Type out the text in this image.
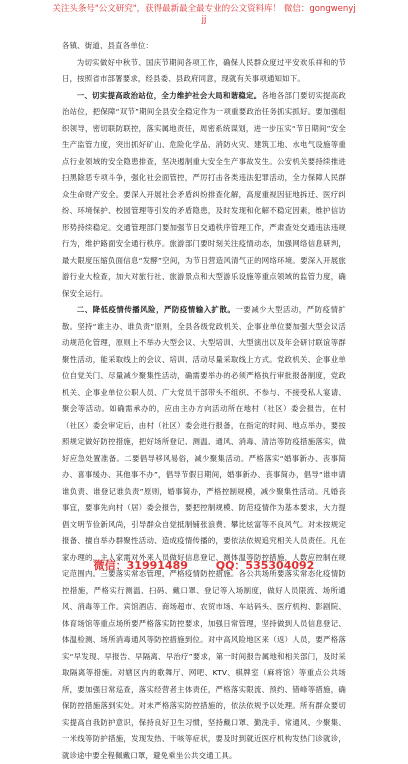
关注头条号"公文研究"，获得最新最全最专业的公文资料库！ 微信：gongwenyj
jj

各镇、街道、县直各单位：

为切实做好中秋节、国庆节期间各项工作，确保人民群众度过平安欢乐祥和的节日，按照省市部署要求，经县委、县政府同意，现就有关事项通知如下。

一、切实提高政治站位，全力维护社会大局和谐稳定。各地各部门要切实提高政治站位，把保障“双节”期间全县安全稳定作为一项重要政治任务抓实抓好。要加强组织领导，密切联防联控，落实属地责任，周密系统谋划，进一步压实“节日期间”安全生产监管力度，突出抓好矿山、危险化学品、消防火灾、建筑工地、水电气设施等重点行业领域的安全隐患排查，坚决遏制重大安全生产事故发生。公安机关要持续推进扫黑除恶专项斗争，强化社会面管控，严厉打击各类违法犯罪活动，全力保障人民群众生命财产安全。要深入开展社会矛盾纠纷排查化解，高度重视因征地拆迁、医疗纠纷、环境保护、校园管理等引发的矛盾隐患，及时发现和化解不稳定因素，维护信访形势持续稳定。交通管理部门要加强节日交通秩序管理工作，严肃查处交通违法违规行为，维护路面安全通行秩序。旅游部门要时刻关注疫情动态，加强网络信息研判，最大限度压缩负面信息“发酵”空间，为节日营造风清气正的网络环境。要深入开展旅游行业大检查，加大对旅行社、旅游景点和大型游乐设施等重点领域的监管力度，确保安全运行。

二、降低疫情传播风险，严防疫情输入扩散。一要减少大型活动，严防疫情扩散。坚持“谁主办、谁负责”原则，全县各级党政机关、企事业单位要加强大型会议活动规范化管理，原则上不举办大型会议、大型培训、大型演出以及年会研讨联谊等群聚性活动，能采取线上的会议、培训、活动尽量采取线上方式。党政机关、企事业单位自觉关门、尽量减少聚集性活动，确需要举办的必须严格执行审批报备制度，党政机关、企事业单位公职人员、广大党员干部带头不组织、不参与、不接受私人宴请、聚会等活动。如确需承办的，应由主办方向活动所在地村（社区）委会报告，在村（社区）委会审定后，由村（社区）委会进行报备，在指定的时间、地点举办，要按照规定做好防控措施，把好场所登记、测温、通风、消毒、清洁等防疫措施落实，做好应急处置准备。二要倡导移风易俗，减少聚集活动。严格落实“婚事新办、丧事简办、喜事缓办、其他事不办”，倡导节假日期间，婚事新办、丧事简办，倡导“谁申请谁负责、谁登记谁负责”原则，婚事简办，严格控制规模，减少聚集性活动。凡婚丧事宜，要事先向村（居）委会报告，要把控制规模、防范疫情作为基本要求，大力提倡文明节俭新风尚，引导群众自觉抵制铺张浪费、攀比炫富等不良风气。对未按规定报备、擅自举办群聚性活动、造成疫情传播的，要依法依规追究相关人员责任。凡在家办理的，主人家需对外来人员做好信息登记、测体温等防控措施，人数应控制在规定范围内。三要落实常态管理，严格疫情防控措施。各公共场所要落实常态化疫情防控措施，严格实行测温、扫码、戴口罩、登记等入场制度，做好人员限流、场所通风、消毒等工作。宾馆酒店、商场超市、农贸市场、车站码头、医疗机构、影剧院、体育场馆等重点场所要严格落实防控要求，加强日常管理，坚持做到人员信息登记、体温检测、场所消毒通风等防控措施到位。对中高风险地区来（返）人员，要严格落实“早发现、早报告、早隔离、早治疗”要求，第一时间报告属地和相关部门，及时采取隔离等措施。对辖区内的歌舞厅、网吧、KTV、棋牌室（麻将馆）等重点公共场所，要加强日常巡查，落实经营者主体责任，严格落实限流、预约、错峰等措施，确保防控措施落到实处。对未严格落实防控措施的，依法依规予以处理。所有群众要切实提高自我防护意识，保持良好卫生习惯，坚持戴口罩、勤洗手、常通风、少聚集、一米线等防护措施，发现发热、干咳等症状，要及时到就近医疗机构发热门诊就诊，就诊途中要全程佩戴口罩，避免乘坐公共交通工具。

微信：31991489	QQ：535304092
